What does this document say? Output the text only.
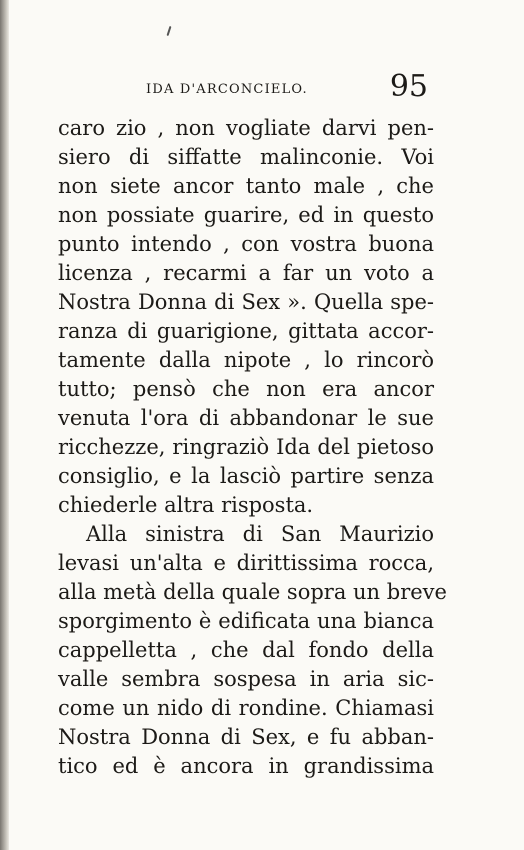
IDA D'ARCONCIELO.	95
caro zio , non vogliate darvi pen-
siero di siffatte malinconie. Voi
non siete ancor tanto male , che
non possiate guarire, ed in questo
punto intendo , con vostra buona
licenza , recarmi a far un voto a
Nostra Donna di Sex ». Quella spe-
ranza di guarigione, gittata accor-
tamente dalla nipote , lo rincorò
tutto; pensò che non era ancor
venuta l'ora di abbandonar le sue
ricchezze, ringraziò Ida del pietoso
consiglio, e la lasciò partire senza
chiederle altra risposta.
Alla sinistra di San Maurizio
levasi un'alta e dirittissima rocca,
alla metà della quale sopra un breve
sporgimento è edificata una bianca
cappelletta , che dal fondo della
valle sembra sospesa in aria sic-
come un nido di rondine. Chiamasi
Nostra Donna di Sex, e fu abban-
tico ed è ancora in grandissima
